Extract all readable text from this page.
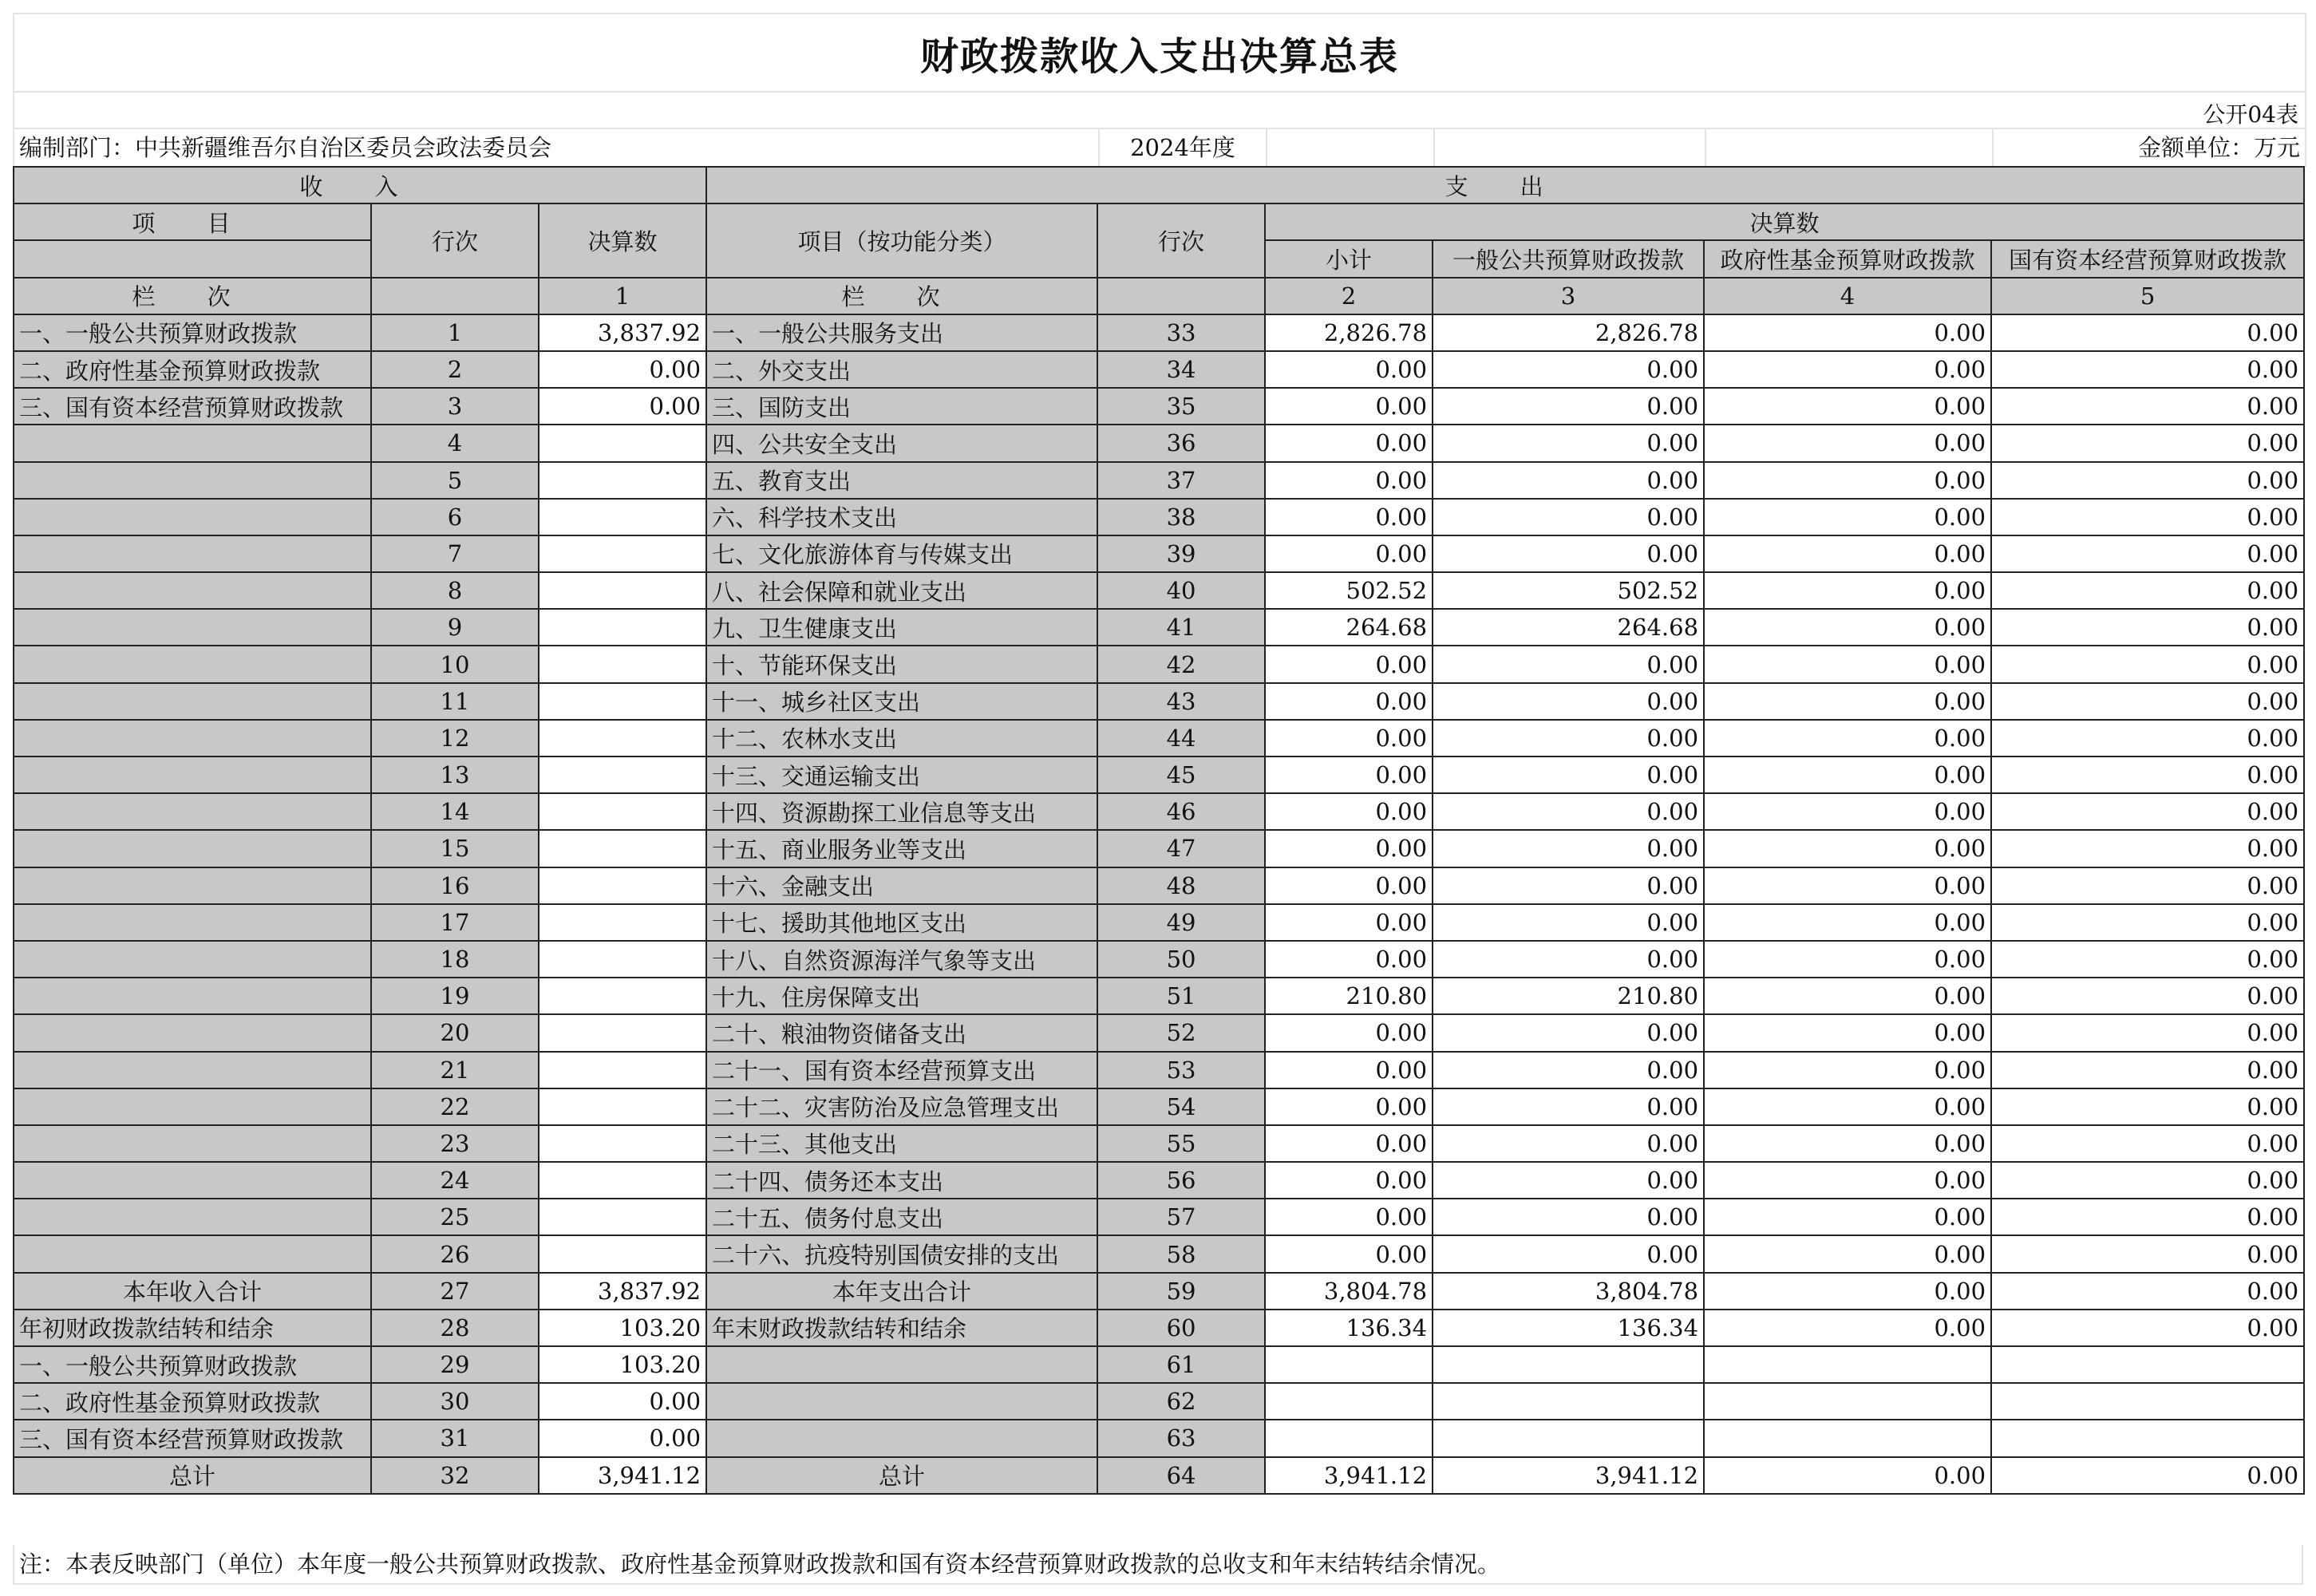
财政拨款收入支出决算总表
公开04表
编制部门：中共新疆维吾尔自治区委员会政法委员会	2024年度	金额单位：万元
收 入			支 出					
项 目	行次	决算数	项目（按功能分类）	行次	决算数			
					小计	一般公共预算财政拨款	政府性基金预算财政拨款	国有资本经营预算财政拨款
栏 次		1	栏 次		2	3	4	5
一、一般公共预算财政拨款	1	3,837.92	一、一般公共服务支出	33	2,826.78	2,826.78	0.00	0.00
二、政府性基金预算财政拨款	2	0.00	二、外交支出	34	0.00	0.00	0.00	0.00
三、国有资本经营预算财政拨款	3	0.00	三、国防支出	35	0.00	0.00	0.00	0.00
	4		四、公共安全支出	36	0.00	0.00	0.00	0.00
	5		五、教育支出	37	0.00	0.00	0.00	0.00
	6		六、科学技术支出	38	0.00	0.00	0.00	0.00
	7		七、文化旅游体育与传媒支出	39	0.00	0.00	0.00	0.00
	8		八、社会保障和就业支出	40	502.52	502.52	0.00	0.00
	9		九、卫生健康支出	41	264.68	264.68	0.00	0.00
	10		十、节能环保支出	42	0.00	0.00	0.00	0.00
	11		十一、城乡社区支出	43	0.00	0.00	0.00	0.00
	12		十二、农林水支出	44	0.00	0.00	0.00	0.00
	13		十三、交通运输支出	45	0.00	0.00	0.00	0.00
	14		十四、资源勘探工业信息等支出	46	0.00	0.00	0.00	0.00
	15		十五、商业服务业等支出	47	0.00	0.00	0.00	0.00
	16		十六、金融支出	48	0.00	0.00	0.00	0.00
	17		十七、援助其他地区支出	49	0.00	0.00	0.00	0.00
	18		十八、自然资源海洋气象等支出	50	0.00	0.00	0.00	0.00
	19		十九、住房保障支出	51	210.80	210.80	0.00	0.00
	20		二十、粮油物资储备支出	52	0.00	0.00	0.00	0.00
	21		二十一、国有资本经营预算支出	53	0.00	0.00	0.00	0.00
	22		二十二、灾害防治及应急管理支出	54	0.00	0.00	0.00	0.00
	23		二十三、其他支出	55	0.00	0.00	0.00	0.00
	24		二十四、债务还本支出	56	0.00	0.00	0.00	0.00
	25		二十五、债务付息支出	57	0.00	0.00	0.00	0.00
	26		二十六、抗疫特别国债安排的支出	58	0.00	0.00	0.00	0.00
本年收入合计	27	3,837.92	本年支出合计	59	3,804.78	3,804.78	0.00	0.00
年初财政拨款结转和结余	28	103.20	年末财政拨款结转和结余	60	136.34	136.34	0.00	0.00
一、一般公共预算财政拨款	29	103.20		61				
二、政府性基金预算财政拨款	30	0.00		62				
三、国有资本经营预算财政拨款	31	0.00		63				
总计	32	3,941.12	总计	64	3,941.12	3,941.12	0.00	0.00
注：本表反映部门（单位）本年度一般公共预算财政拨款、政府性基金预算财政拨款和国有资本经营预算财政拨款的总收支和年末结转结余情况。
